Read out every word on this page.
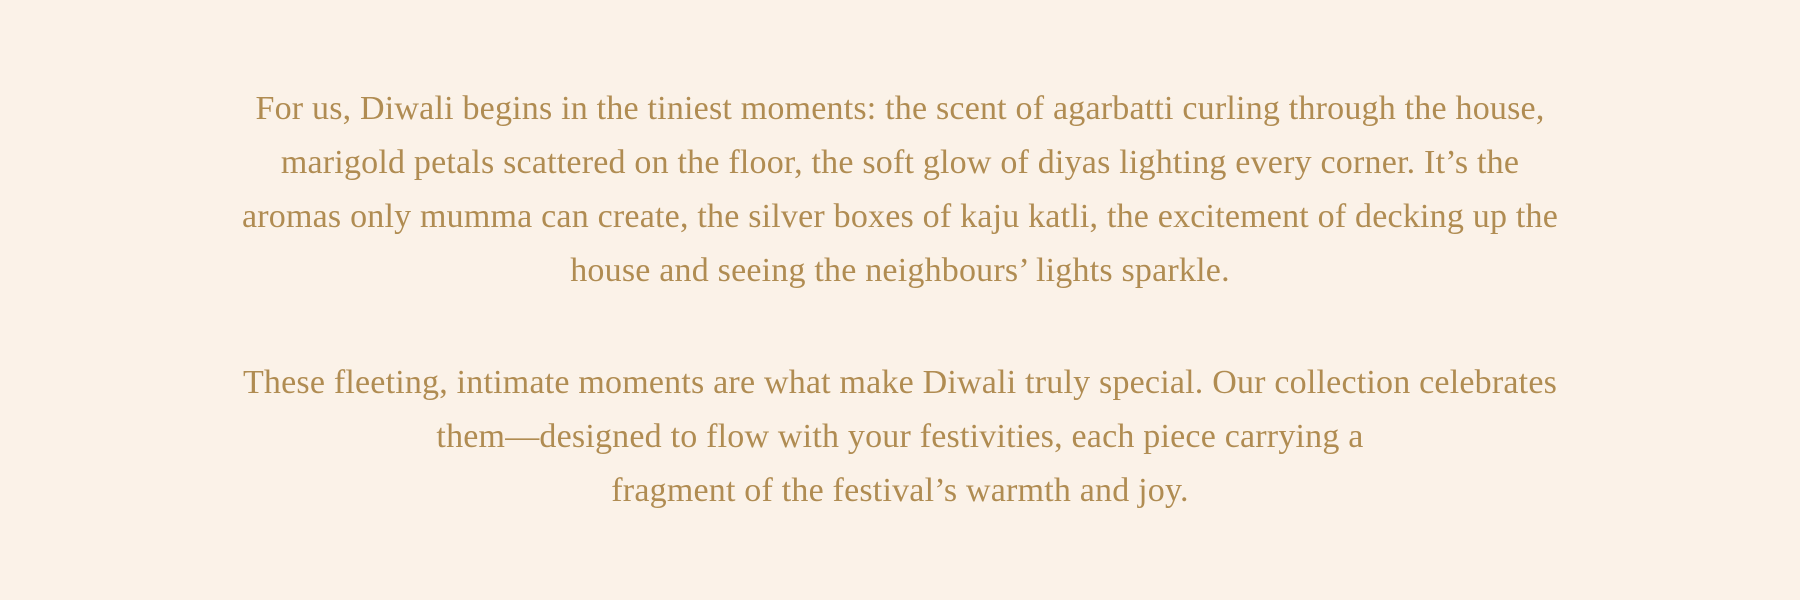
For us, Diwali begins in the tiniest moments: the scent of agarbatti curling through the house,
marigold petals scattered on the floor, the soft glow of diyas lighting every corner. It’s the
aromas only mumma can create, the silver boxes of kaju katli, the excitement of decking up the
house and seeing the neighbours’ lights sparkle.
These fleeting, intimate moments are what make Diwali truly special. Our collection celebrates
them—designed to flow with your festivities, each piece carrying a
fragment of the festival’s warmth and joy.
